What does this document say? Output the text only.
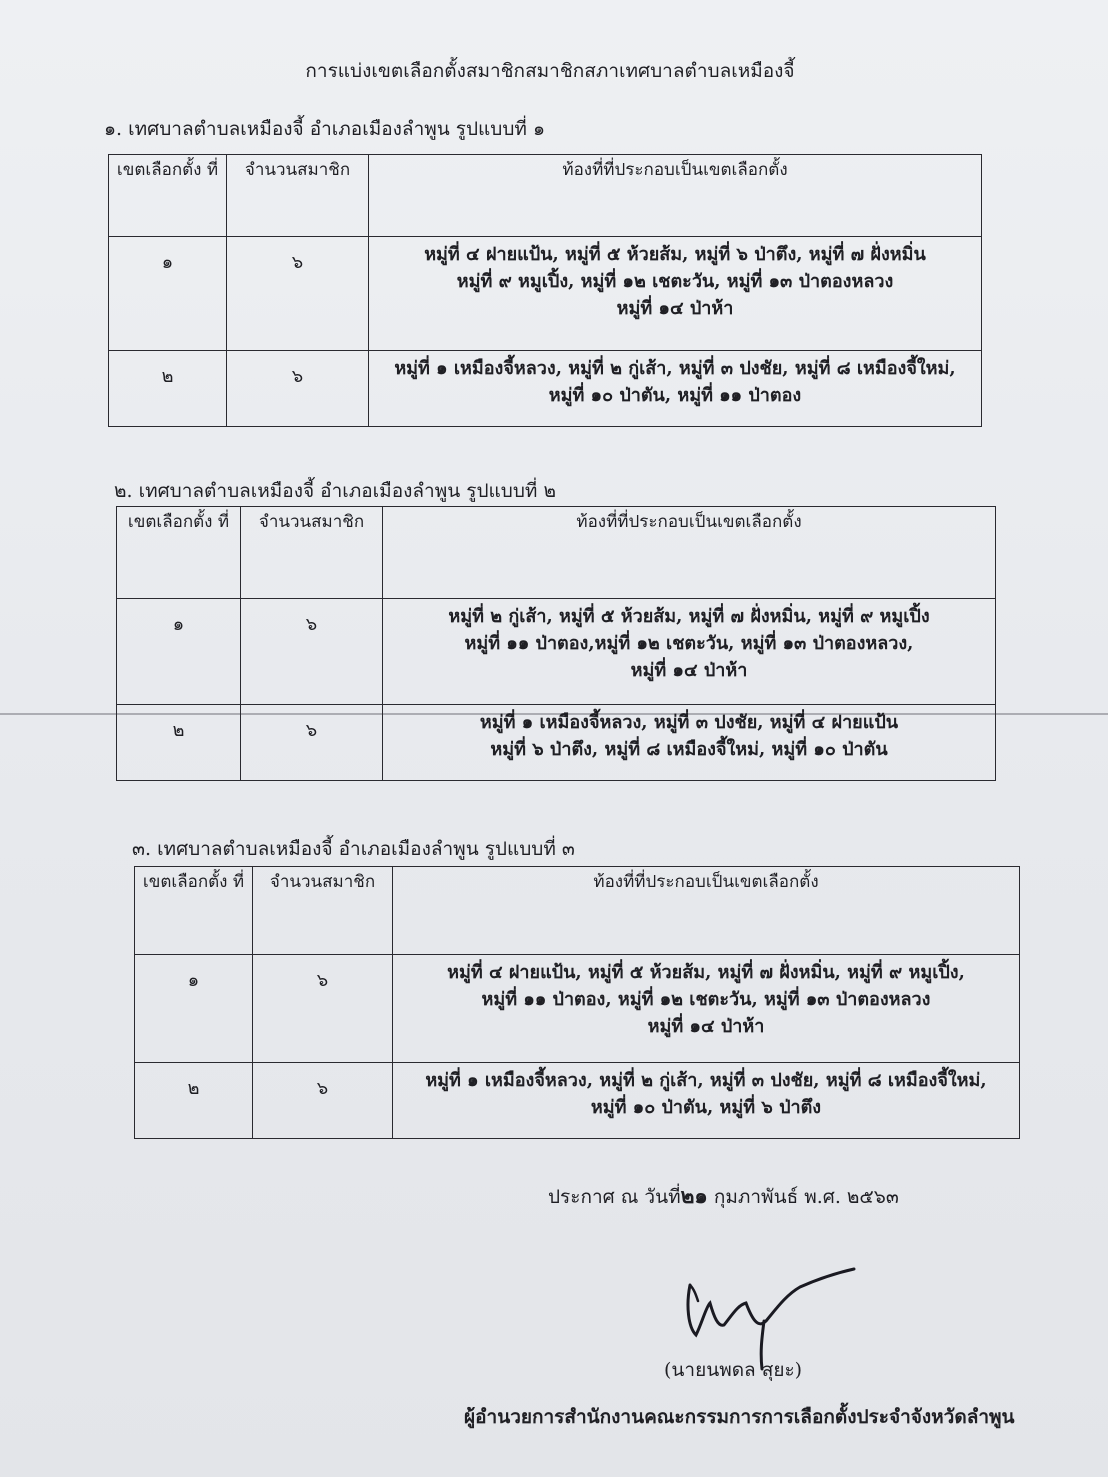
การแบ่งเขตเลือกตั้งสมาชิกสมาชิกสภาเทศบาลตำบลเหมืองจี้
๑. เทศบาลตำบลเหมืองจี้ อำเภอเมืองลำพูน รูปแบบที่ ๑
เขตเลือกตั้ง ที่	จำนวนสมาชิก	ท้องที่ที่ประกอบเป็นเขตเลือกตั้ง
๑	๖	หมู่ที่ ๔ ฝายแป้น, หมู่ที่ ๕ ห้วยส้ม, หมู่ที่ ๖ ป่าตึง, หมู่ที่ ๗ ฝั่งหมิ่น
หมู่ที่ ๙ หมูเปิ้ง, หมู่ที่ ๑๒ เชตะวัน, หมู่ที่ ๑๓ ป่าตองหลวง
หมู่ที่ ๑๔ ป่าห้า

๒	๖	หมู่ที่ ๑ เหมืองจี้หลวง, หมู่ที่ ๒ กู่เส้า, หมู่ที่ ๓ ปงชัย, หมู่ที่ ๘ เหมืองจี้ใหม่,
หมู่ที่ ๑๐ ป่าตัน, หมู่ที่ ๑๑ ป่าตอง
๒. เทศบาลตำบลเหมืองจี้ อำเภอเมืองลำพูน รูปแบบที่ ๒
เขตเลือกตั้ง ที่	จำนวนสมาชิก	ท้องที่ที่ประกอบเป็นเขตเลือกตั้ง
๑	๖	หมู่ที่ ๒ กู่เส้า, หมู่ที่ ๕ ห้วยส้ม, หมู่ที่ ๗ ฝั่งหมิ่น, หมู่ที่ ๙ หมูเปิ้ง
หมู่ที่ ๑๑ ป่าตอง,หมู่ที่ ๑๒ เชตะวัน, หมู่ที่ ๑๓ ป่าตองหลวง,
หมู่ที่ ๑๔ ป่าห้า

๒	๖	หมู่ที่ ๑ เหมืองจี้หลวง, หมู่ที่ ๓ ปงชัย, หมู่ที่ ๔ ฝายแป้น
หมู่ที่ ๖ ป่าตึง, หมู่ที่ ๘ เหมืองจี้ใหม่, หมู่ที่ ๑๐ ป่าตัน
๓. เทศบาลตำบลเหมืองจี้ อำเภอเมืองลำพูน รูปแบบที่ ๓
เขตเลือกตั้ง ที่	จำนวนสมาชิก	ท้องที่ที่ประกอบเป็นเขตเลือกตั้ง
๑	๖	หมู่ที่ ๔ ฝายแป้น, หมู่ที่ ๕ ห้วยส้ม, หมู่ที่ ๗ ฝั่งหมิ่น, หมู่ที่ ๙ หมูเปิ้ง,
หมู่ที่ ๑๑ ป่าตอง, หมู่ที่ ๑๒ เชตะวัน, หมู่ที่ ๑๓ ป่าตองหลวง
หมู่ที่ ๑๔ ป่าห้า

๒	๖	หมู่ที่ ๑ เหมืองจี้หลวง, หมู่ที่ ๒ กู่เส้า, หมู่ที่ ๓ ปงชัย, หมู่ที่ ๘ เหมืองจี้ใหม่,
หมู่ที่ ๑๐ ป่าตัน, หมู่ที่ ๖ ป่าตึง
ประกาศ ณ วันที่๒๑ กุมภาพันธ์ พ.ศ. ๒๕๖๓
(นายนพดล สุยะ)
ผู้อำนวยการสำนักงานคณะกรรมการการเลือกตั้งประจำจังหวัดลำพูน
